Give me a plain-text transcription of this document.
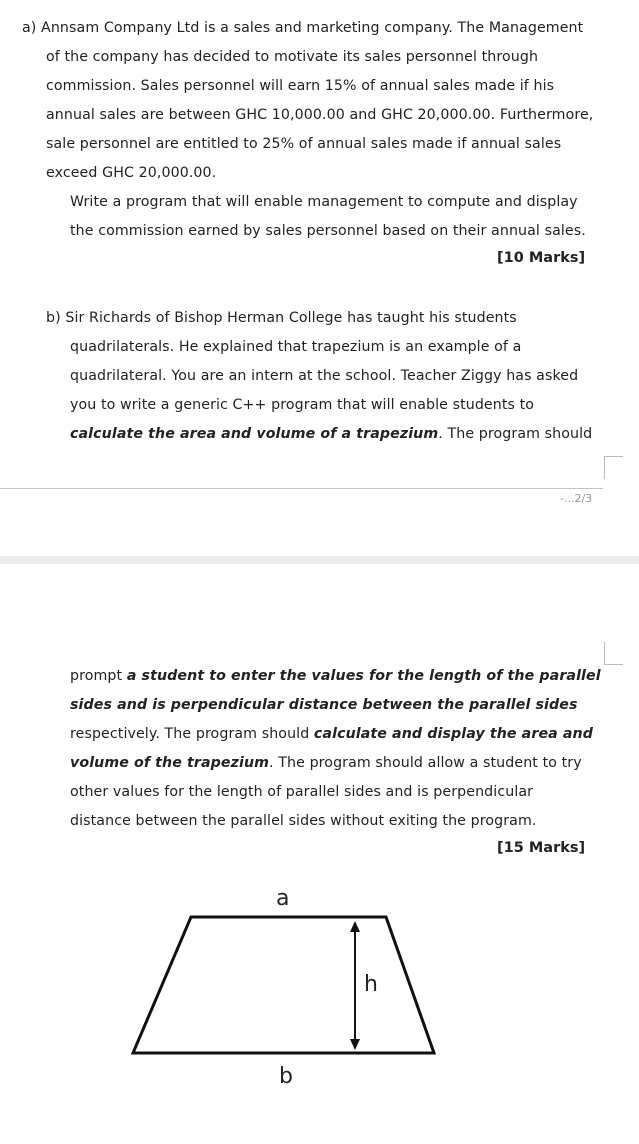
a) Annsam Company Ltd is a sales and marketing company. The Management
of the company has decided to motivate its sales personnel through
commission. Sales personnel will earn 15% of annual sales made if his
annual sales are between GHC 10,000.00 and GHC 20,000.00. Furthermore,
sale personnel are entitled to 25% of annual sales made if annual sales
exceed GHC 20,000.00.
Write a program that will enable management to compute and display
the commission earned by sales personnel based on their annual sales.
[10 Marks]
b) Sir Richards of Bishop Herman College has taught his students
quadrilaterals. He explained that trapezium is an example of a
quadrilateral. You are an intern at the school. Teacher Ziggy has asked
you to write a generic C++ program that will enable students to
calculate the area and volume of a trapezium. The program should
-...2/3
prompt a student to enter the values for the length of the parallel
sides and is perpendicular distance between the parallel sides
respectively. The program should calculate and display the area and
volume of the trapezium. The program should allow a student to try
other values for the length of parallel sides and is perpendicular
distance between the parallel sides without exiting the program.
[15 Marks]
a
h
b
